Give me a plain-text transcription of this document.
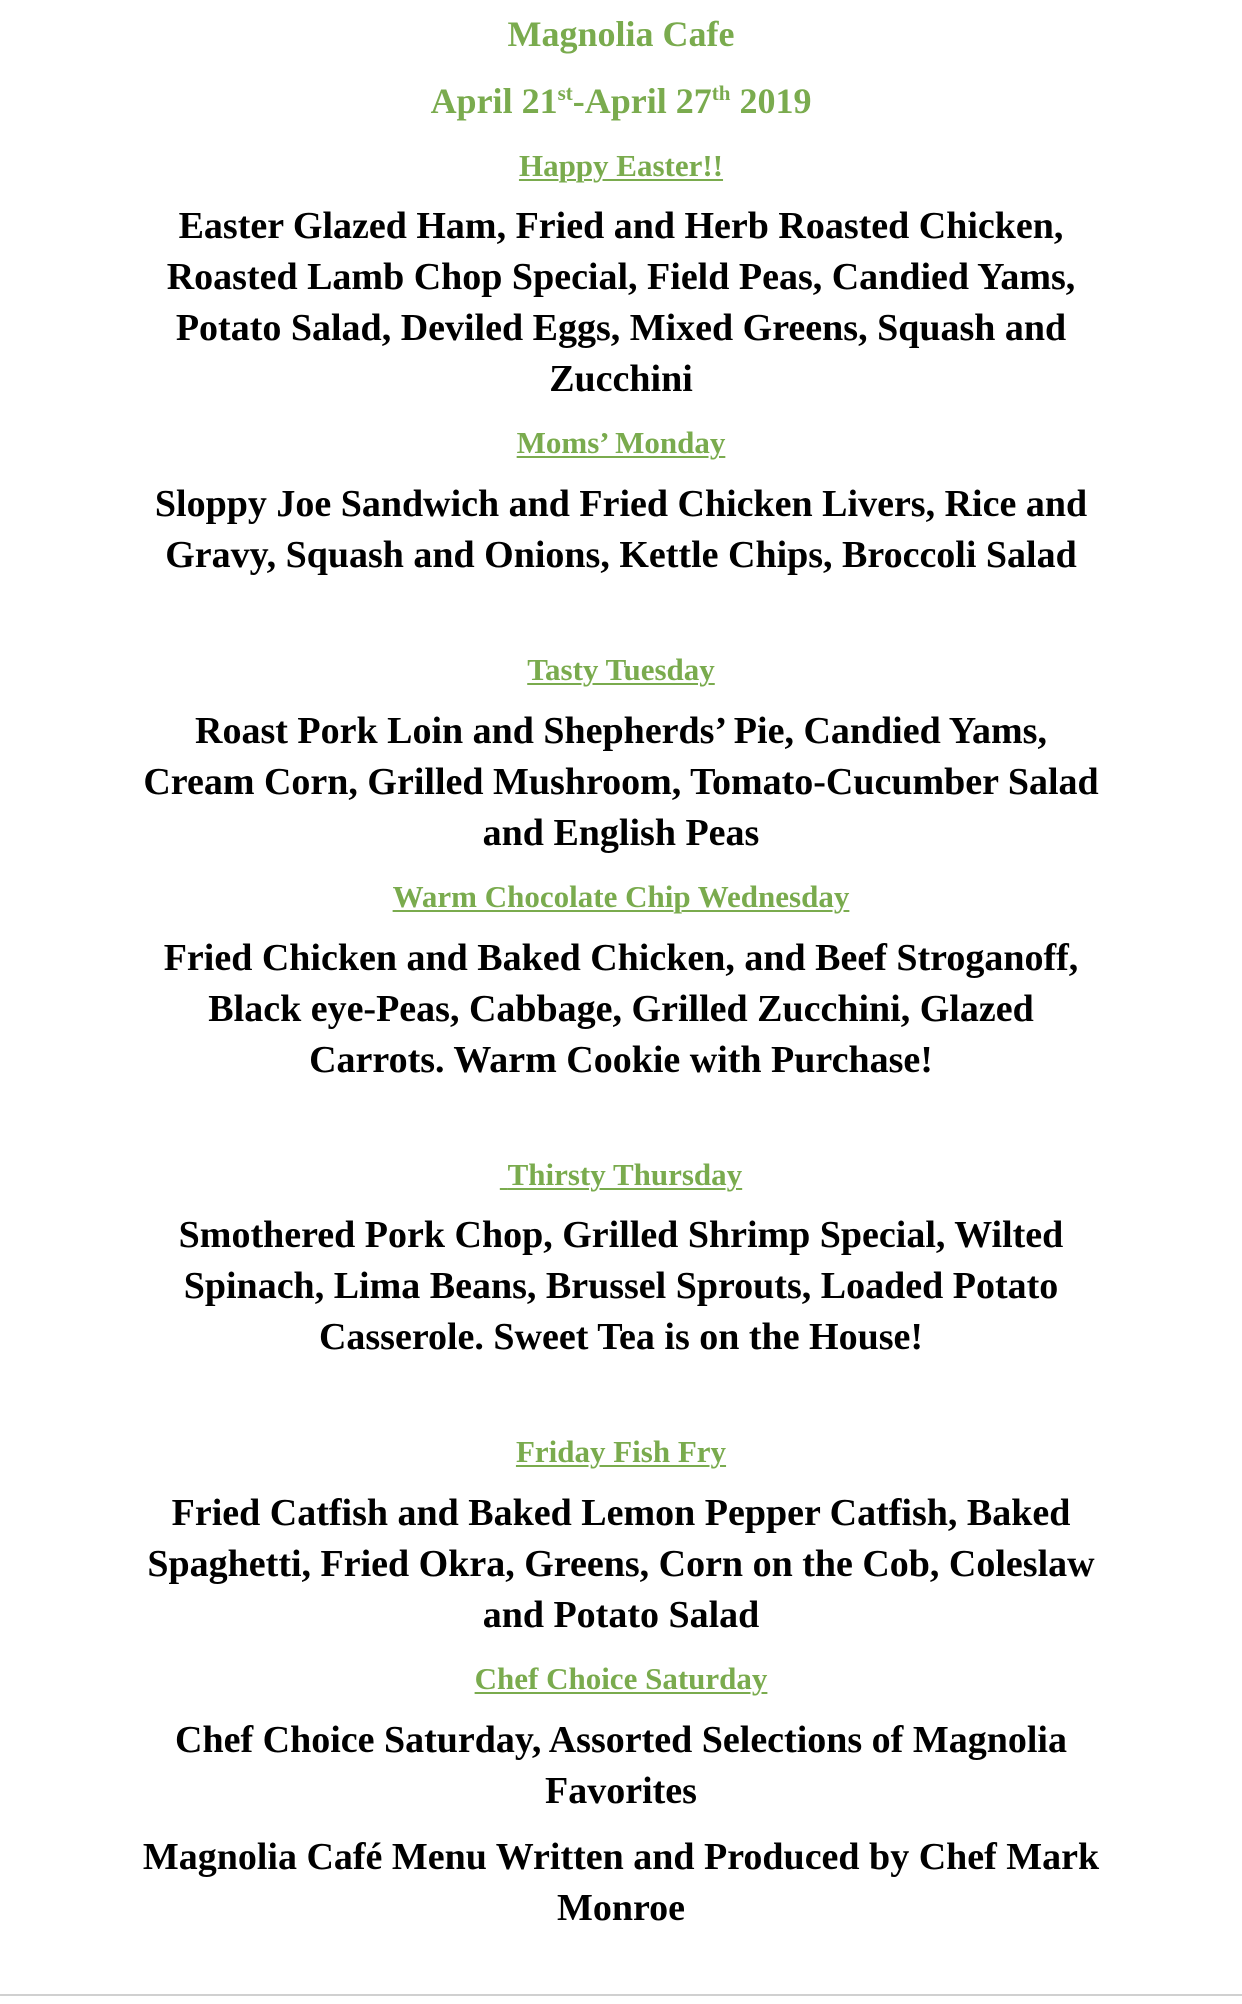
Magnolia Cafe
April 21st-April 27th 2019
Happy Easter!!
Easter Glazed Ham, Fried and Herb Roasted Chicken, Roasted Lamb Chop Special, Field Peas, Candied Yams, Potato Salad, Deviled Eggs, Mixed Greens, Squash and Zucchini
Moms’ Monday
Sloppy Joe Sandwich and Fried Chicken Livers, Rice and Gravy, Squash and Onions, Kettle Chips, Broccoli Salad
Tasty Tuesday
Roast Pork Loin and Shepherds’ Pie, Candied Yams, Cream Corn, Grilled Mushroom, Tomato-Cucumber Salad and English Peas
Warm Chocolate Chip Wednesday
Fried Chicken and Baked Chicken, and Beef Stroganoff, Black eye-Peas, Cabbage, Grilled Zucchini, Glazed Carrots. Warm Cookie with Purchase!
Thirsty Thursday
Smothered Pork Chop, Grilled Shrimp Special, Wilted Spinach, Lima Beans, Brussel Sprouts, Loaded Potato Casserole. Sweet Tea is on the House!
Friday Fish Fry
Fried Catfish and Baked Lemon Pepper Catfish, Baked Spaghetti, Fried Okra, Greens, Corn on the Cob, Coleslaw and Potato Salad
Chef Choice Saturday
Chef Choice Saturday, Assorted Selections of Magnolia Favorites
Magnolia Café Menu Written and Produced by Chef Mark Monroe
